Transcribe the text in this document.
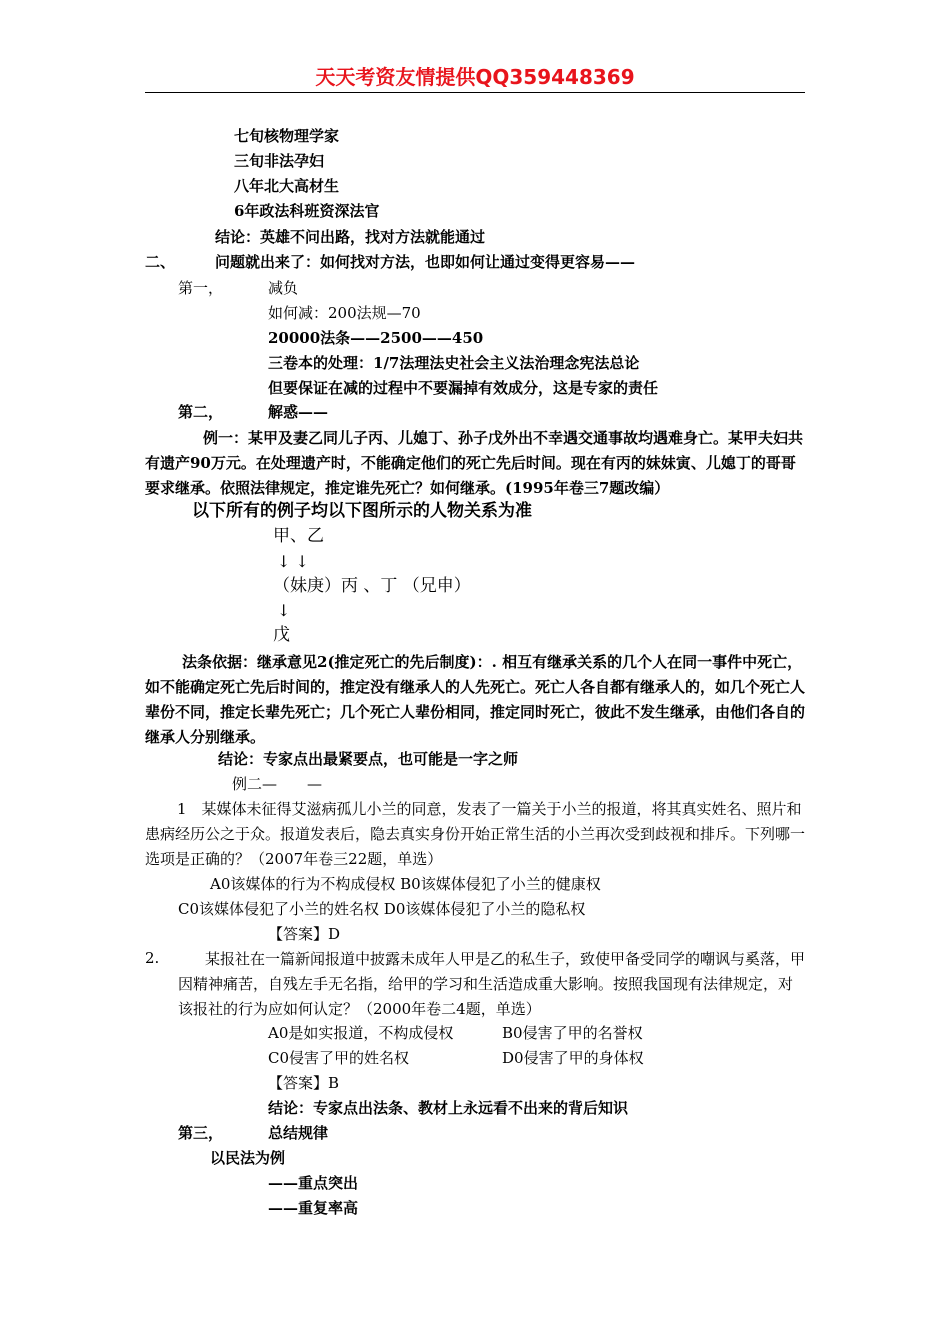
天天考资友情提供QQ359448369
七旬核物理学家
三旬非法孕妇
八年北大高材生
6年政法科班资深法官
结论：英雄不问出路，找对方法就能通过
二、	问题就出来了：如何找对方法，也即如何让通过变得更容易——
第一，	减负
如何减：200法规—70
20000法条——2500——450
三卷本的处理：1/7法理法史社会主义法治理念宪法总论
但要保证在减的过程中不要漏掉有效成分，这是专家的责任
第二，	解惑——
例一：某甲及妻乙同儿子丙、儿媳丁、孙子戊外出不幸遇交通事故均遇难身亡。某甲夫妇共有遗产90万元。在处理遗产时，不能确定他们的死亡先后时间。现在有丙的妹妹寅、儿媳丁的哥哥要求继承。依照法律规定，推定谁先死亡？如何继承。(1995年卷三7题改编）
以下所有的例子均以下图所示的人物关系为准
甲、乙
↓ ↓
（妹庚）丙 、丁 （兄申）
↓
戊
法条依据：继承意见2(推定死亡的先后制度)：. 相互有继承关系的几个人在同一事件中死亡，如不能确定死亡先后时间的，推定没有继承人的人先死亡。死亡人各自都有继承人的，如几个死亡人辈份不同，推定长辈先死亡；几个死亡人辈份相同，推定同时死亡，彼此不发生继承，由他们各自的继承人分别继承。
结论：专家点出最紧要点，也可能是一字之师
例二—　　—
1　某媒体未征得艾滋病孤儿小兰的同意，发表了一篇关于小兰的报道，将其真实姓名、照片和患病经历公之于众。报道发表后，隐去真实身份开始正常生活的小兰再次受到歧视和排斥。下列哪一选项是正确的？（2007年卷三22题，单选）
A0该媒体的行为不构成侵权 B0该媒体侵犯了小兰的健康权
C0该媒体侵犯了小兰的姓名权 D0该媒体侵犯了小兰的隐私权
【答案】D
2.	某报社在一篇新闻报道中披露未成年人甲是乙的私生子，致使甲备受同学的嘲讽与奚落，甲因精神痛苦，自残左手无名指，给甲的学习和生活造成重大影响。按照我国现有法律规定，对该报社的行为应如何认定？（2000年卷二4题，单选）
A0是如实报道，不构成侵权	B0侵害了甲的名誉权
C0侵害了甲的姓名权	D0侵害了甲的身体权
【答案】B
结论：专家点出法条、教材上永远看不出来的背后知识
第三，	总结规律
以民法为例
——重点突出
——重复率高
